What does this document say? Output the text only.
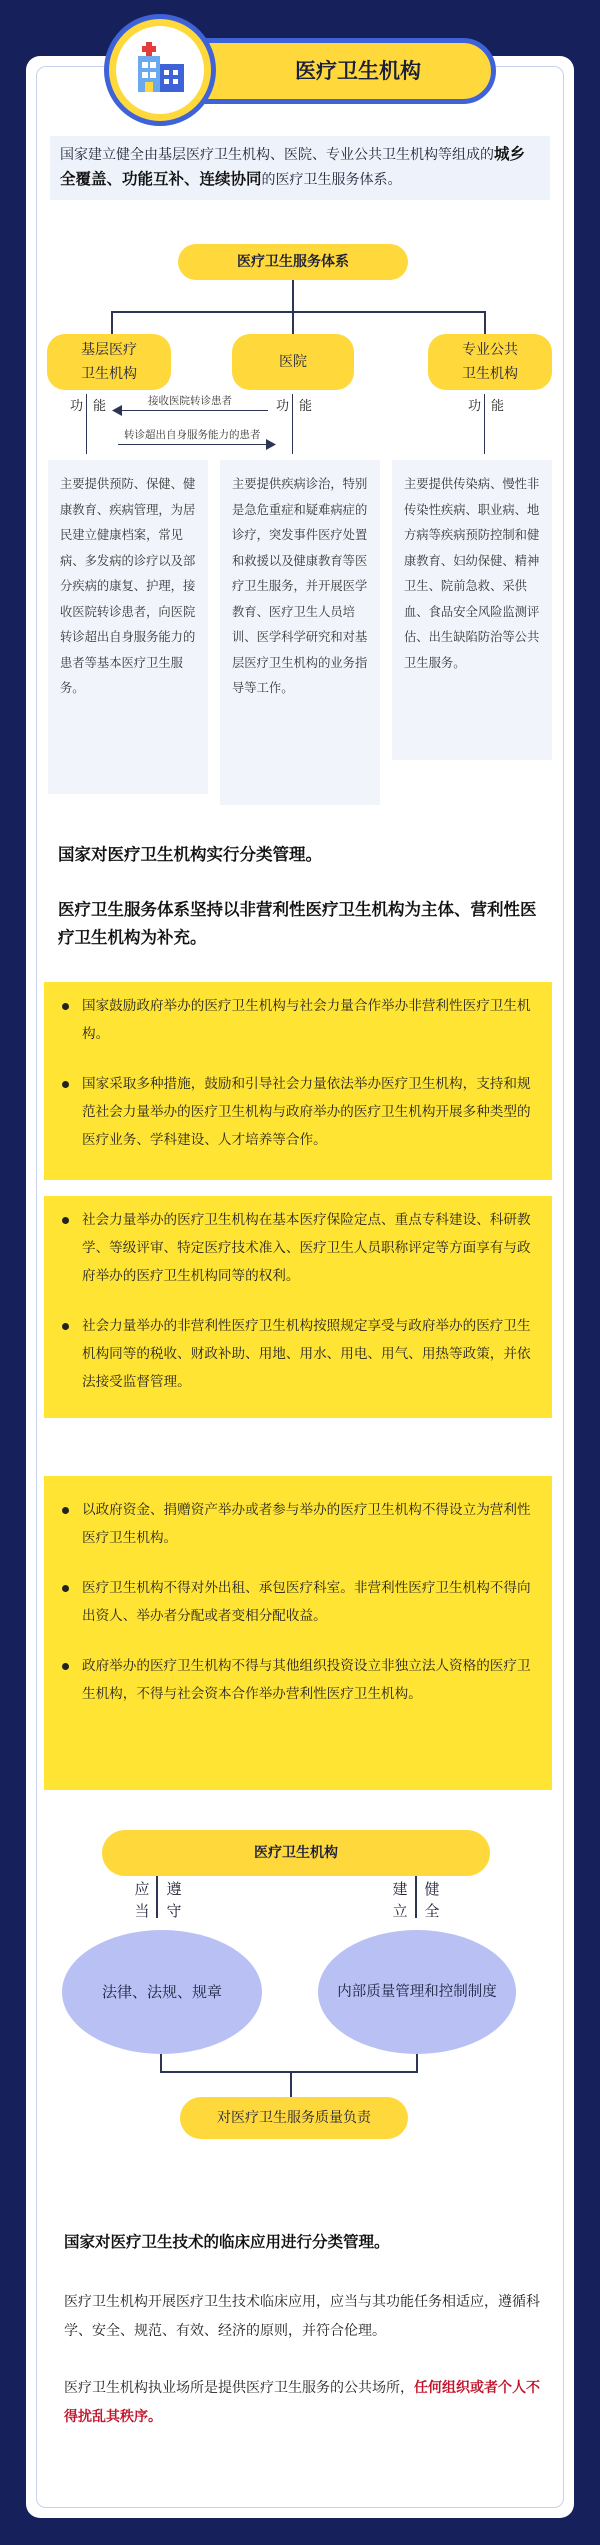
医疗卫生机构
国家建立健全由基层医疗卫生机构、医院、专业公共卫生机构等组成的城乡全覆盖、功能互补、连续协同的医疗卫生服务体系。
医疗卫生服务体系
基层医疗
卫生机构
医院
专业公共
卫生机构
功 能	功 能	功 能
接收医院转诊患者
转诊超出自身服务能力的患者
主要提供预防、保健、健康教育、疾病管理，为居民建立健康档案，常见病、多发病的诊疗以及部分疾病的康复、护理，接收医院转诊患者，向医院转诊超出自身服务能力的患者等基本医疗卫生服务。
主要提供疾病诊治，特别是急危重症和疑难病症的诊疗，突发事件医疗处置和救援以及健康教育等医疗卫生服务，并开展医学教育、医疗卫生人员培训、医学科学研究和对基层医疗卫生机构的业务指导等工作。
主要提供传染病、慢性非传染性疾病、职业病、地方病等疾病预防控制和健康教育、妇幼保健、精神卫生、院前急救、采供血、食品安全风险监测评估、出生缺陷防治等公共卫生服务。
国家对医疗卫生机构实行分类管理。
医疗卫生服务体系坚持以非营利性医疗卫生机构为主体、营利性医疗卫生机构为补充。
国家鼓励政府举办的医疗卫生机构与社会力量合作举办非营利性医疗卫生机构。
国家采取多种措施，鼓励和引导社会力量依法举办医疗卫生机构，支持和规范社会力量举办的医疗卫生机构与政府举办的医疗卫生机构开展多种类型的医疗业务、学科建设、人才培养等合作。
社会力量举办的医疗卫生机构在基本医疗保险定点、重点专科建设、科研教学、等级评审、特定医疗技术准入、医疗卫生人员职称评定等方面享有与政府举办的医疗卫生机构同等的权利。
社会力量举办的非营利性医疗卫生机构按照规定享受与政府举办的医疗卫生机构同等的税收、财政补助、用地、用水、用电、用气、用热等政策，并依法接受监督管理。
以政府资金、捐赠资产举办或者参与举办的医疗卫生机构不得设立为营利性医疗卫生机构。
医疗卫生机构不得对外出租、承包医疗科室。非营利性医疗卫生机构不得向出资人、举办者分配或者变相分配收益。
政府举办的医疗卫生机构不得与其他组织投资设立非独立法人资格的医疗卫生机构，不得与社会资本合作举办营利性医疗卫生机构。
医疗卫生机构
应
当
遵
守
建
立
健
全
法律、法规、规章	内部质量管理和控制制度
对医疗卫生服务质量负责
国家对医疗卫生技术的临床应用进行分类管理。
医疗卫生机构开展医疗卫生技术临床应用，应当与其功能任务相适应，遵循科学、安全、规范、有效、经济的原则，并符合伦理。
医疗卫生机构执业场所是提供医疗卫生服务的公共场所，任何组织或者个人不得扰乱其秩序。
